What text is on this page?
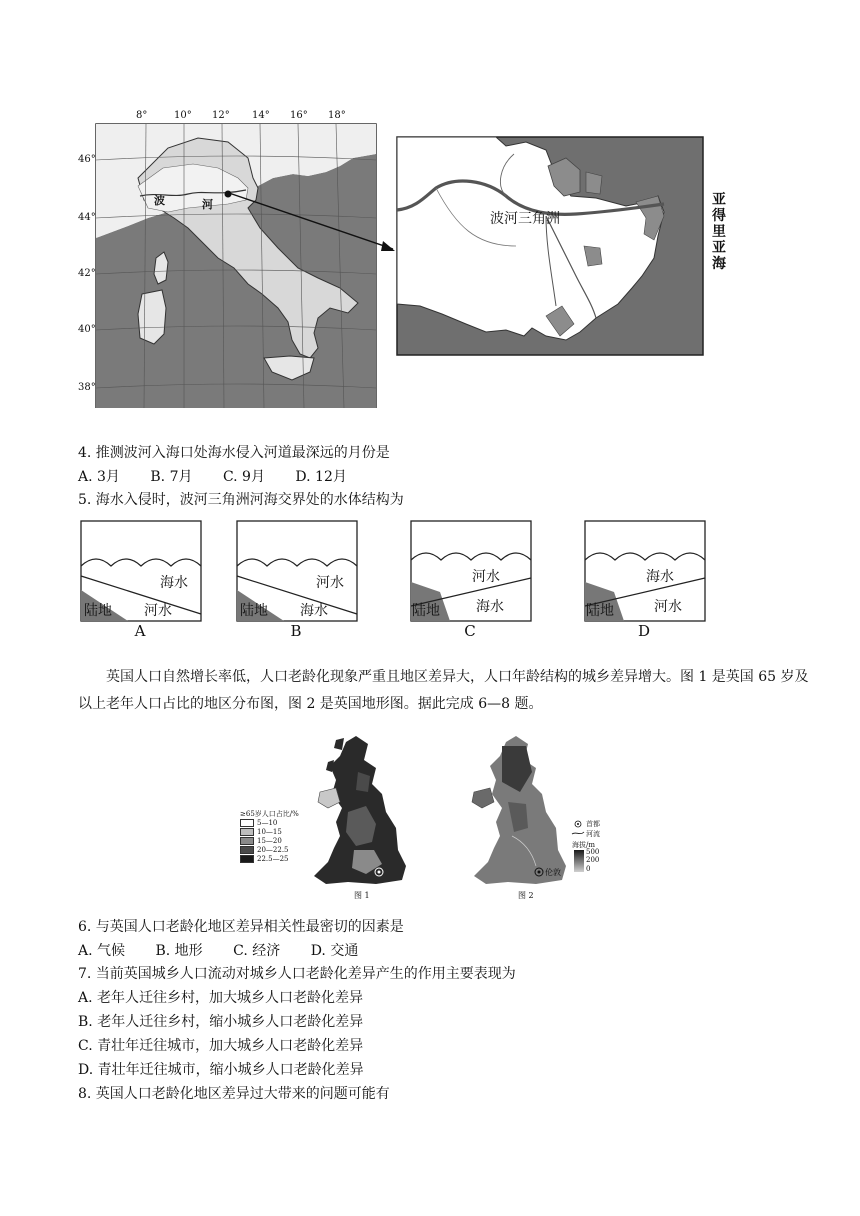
8°	10° 12° 14° 16° 18°
46°
44°
42°
40°
38°
波	河
波河三角洲
亚得里亚海
4. 推测波河入海口处海水侵入河道最深远的月份是
A. 3月 B. 7月 C. 9月 D. 12月
5. 海水入侵时，波河三角洲河海交界处的水体结构为
海水
河水
陆地
A
河水
海水
陆地
B
河水
海水
陆地
C
海水
河水
陆地
D
英国人口自然增长率低，人口老龄化现象严重且地区差异大，人口年龄结构的城乡差异增大。图 1 是英国 65 岁及以上老年人口占比的地区分布图，图 2 是英国地形图。据此完成 6—8 题。
≥65岁人口占比/%
5—10
10—15
15—20
20—22.5
22.5—25
首都
河流
海拔/m
500
200
0
伦敦
图 1	图 2
6. 与英国人口老龄化地区差异相关性最密切的因素是
A. 气候 B. 地形 C. 经济 D. 交通
7. 当前英国城乡人口流动对城乡人口老龄化差异产生的作用主要表现为
A. 老年人迁往乡村，加大城乡人口老龄化差异
B. 老年人迁往乡村，缩小城乡人口老龄化差异
C. 青壮年迁往城市，加大城乡人口老龄化差异
D. 青壮年迁往城市，缩小城乡人口老龄化差异
8. 英国人口老龄化地区差异过大带来的问题可能有
